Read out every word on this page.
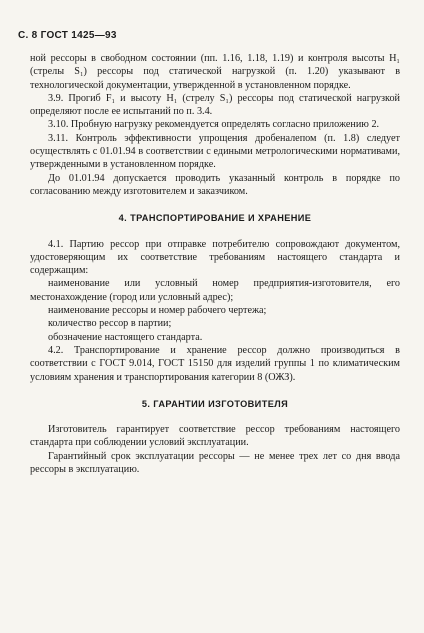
С. 8 ГОСТ 1425—93

ной рессоры в свободном состоянии (пп. 1.16, 1.18, 1.19) и контроля высоты H₁ (стрелы S₁) рессоры под статической нагрузкой (п. 1.20) указывают в технологической документации, утвержденной в установленном порядке.

3.9. Прогиб F₁ и высоту H₁ (стрелу S₁) рессоры под статической нагрузкой определяют после ее испытаний по п. 3.4.

3.10. Пробную нагрузку рекомендуется определять согласно приложению 2.

3.11. Контроль эффективности упрощения дробеналепом (п. 1.8) следует осуществлять с 01.01.94 в соответствии с едиными метрологическими нормативами, утвержденными в установленном порядке.

До 01.01.94 допускается проводить указанный контроль в порядке по согласованию между изготовителем и заказчиком.

4. ТРАНСПОРТИРОВАНИЕ И ХРАНЕНИЕ

4.1. Партию рессор при отправке потребителю сопровождают документом, удостоверяющим их соответствие требованиям настоящего стандарта и содержащим:

наименование или условный номер предприятия-изготовителя, его местонахождение (город или условный адрес);

наименование рессоры и номер рабочего чертежа;

количество рессор в партии;

обозначение настоящего стандарта.

4.2. Транспортирование и хранение рессор должно производиться в соответствии с ГОСТ 9.014, ГОСТ 15150 для изделий группы 1 по климатическим условиям хранения и транспортирования категории 8 (ОЖЗ).

5. ГАРАНТИИ ИЗГОТОВИТЕЛЯ

Изготовитель гарантирует соответствие рессор требованиям настоящего стандарта при соблюдении условий эксплуатации.

Гарантийный срок эксплуатации рессоры — не менее трех лет со дня ввода рессоры в эксплуатацию.
